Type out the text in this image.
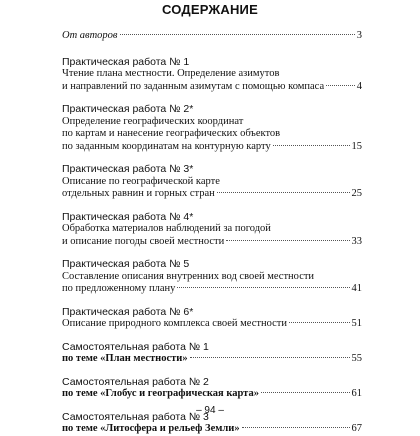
СОДЕРЖАНИЕ
От авторов	3
Практическая работа № 1
Чтение плана местности. Определение азимутов
и направлений по заданным азимутам с помощью компаса	4
Практическая работа № 2*
Определение географических координат
по картам и нанесение географических объектов
по заданным координатам на контурную карту	15
Практическая работа № 3*
Описание по географической карте
отдельных равнин и горных стран	25
Практическая работа № 4*
Обработка материалов наблюдений за погодой
и описание погоды своей местности	33
Практическая работа № 5
Составление описания внутренних вод своей местности
по предложенному плану	41
Практическая работа № 6*
Описание природного комплекса своей местности	51
Самостоятельная работа № 1
по теме «План местности»	55
Самостоятельная работа № 2
по теме «Глобус и географическая карта»	61
Самостоятельная работа № 3
по теме «Литосфера и рельеф Земли»	67
– 94 –
